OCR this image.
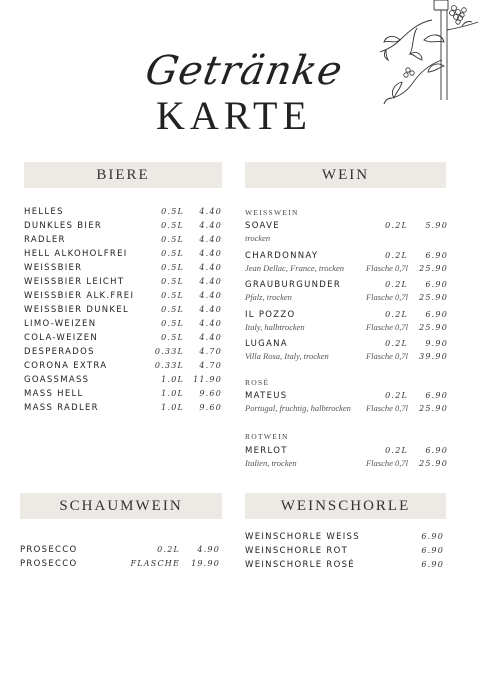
Getränke
KARTE
BIERE	WEIN
SCHAUMWEIN	WEINSCHORLE
HELLES	0.5L	4.40
DUNKLES BIER	0.5L	4.40
RADLER	0.5L	4.40
HELL ALKOHOLFREI	0.5L	4.40
WEISSBIER	0.5L	4.40
WEISSBIER LEICHT	0.5L	4.40
WEISSBIER ALK.FREI	0.5L	4.40
WEISSBIER DUNKEL	0.5L	4.40
LIMO-WEIZEN	0.5L	4.40
COLA-WEIZEN	0.5L	4.40
DESPERADOS	0.33L	4.70
CORONA EXTRA	0.33L	4.70
GOASSMASS	1.0L	11.90
MASS HELL	1.0L	9.60
MASS RADLER	1.0L	9.60
WEISSWEIN
SOAVE	0.2L	5.90
trocken
CHARDONNAY	0.2L	6.90
Jean Dellac, France, trocken	Flasche 0,7l	25.90
GRAUBURGUNDER	0.2L	6.90
Pfalz, trocken	Flasche 0,7l	25.90
IL POZZO	0.2L	6.90
Italy, halbtrocken	Flasche 0,7l	25.90
LUGANA	0.2L	9.90
Villa Rosa, Italy, trocken	Flasche 0,7l	39.90
ROSÉ
MATEUS	0.2L	6.90
Portugal, fruchtig, halbtrocken	Flasche 0,7l	25.90
ROTWEIN
MERLOT	0.2L	6.90
Italien, trocken	Flasche 0,7l	25.90
PROSECCO	0.2L	4.90
PROSECCO	FLASCHE	19.90
WEINSCHORLE WEISS	6.90
WEINSCHORLE ROT	6.90
WEINSCHORLE ROSÉ	6.90
